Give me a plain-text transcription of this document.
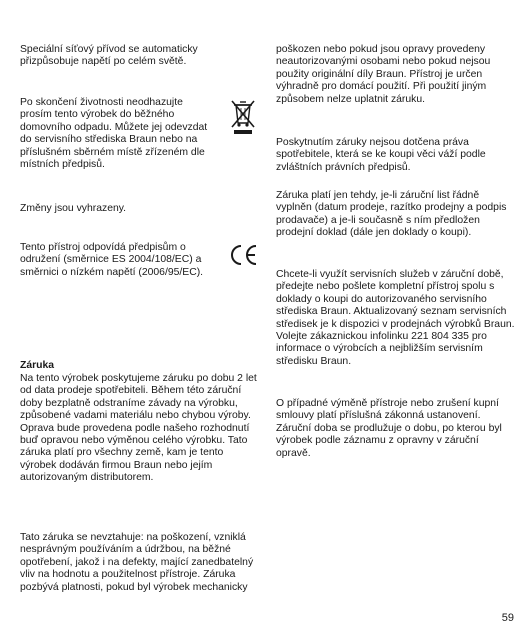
Speciální síťový přívod se automaticky přizpůsobuje napětí po celém světě.

Po skončení životnosti neodhazujte prosím tento výrobek do běžného domovního odpadu. Můžete jej odevzdat do servisního střediska Braun nebo na příslušném sběrném místě zřízeném dle místních předpisů.

Změny jsou vyhrazeny.

Tento přístroj odpovídá předpisům o odružení (směrnice ES 2004/108/EC) a směrnici o nízkém napětí (2006/95/EC).

Záruka

Na tento výrobek poskytujeme záruku po dobu 2 let od data prodeje spotřebiteli. Během této záruční doby bezplatně odstraníme závady na výrobku, způsobené vadami materiálu nebo chybou výroby. Oprava bude provedena podle našeho rozhodnutí buď opravou nebo výměnou celého výrobku. Tato záruka platí pro všechny země, kam je tento výrobek dodáván firmou Braun nebo jejím autorizovaným distributorem.

Tato záruka se nevztahuje: na poškození, vzniklá nesprávným používáním a údržbou, na běžné opotřebení, jakož i na defekty, mající zanedbatelný vliv na hodnotu a použitelnost přístroje. Záruka pozbývá platnosti, pokud byl výrobek mechanicky

poškozen nebo pokud jsou opravy provedeny neautorizovanými osobami nebo pokud nejsou použity originální díly Braun. Přístroj je určen výhradně pro domácí použití. Při použití jiným způsobem nelze uplatnit záruku.

Poskytnutím záruky nejsou dotčena práva spotřebitele, která se ke koupi věci váží podle zvláštních právních předpisů.

Záruka platí jen tehdy, je-li záruční list řádně vyplněn (datum prodeje, razítko prodejny a podpis prodavače) a je-li současně s ním předložen prodejní doklad (dále jen doklady o koupi).

Chcete-li využít servisních služeb v záruční době, předejte nebo pošlete kompletní přístroj spolu s doklady o koupi do autorizovaného servisního střediska Braun. Aktualizovaný seznam servisních středisek je k dispozici v prodejnách výrobků Braun. Volejte zákaznickou infolinku 221 804 335 pro informace o výrobcích a nejbližším servisním středisku Braun.

O případné výměně přístroje nebo zrušení kupní smlouvy platí příslušná zákonná ustanovení. Záruční doba se prodlužuje o dobu, po kterou byl výrobek podle záznamu z opravny v záruční opravě.

59
